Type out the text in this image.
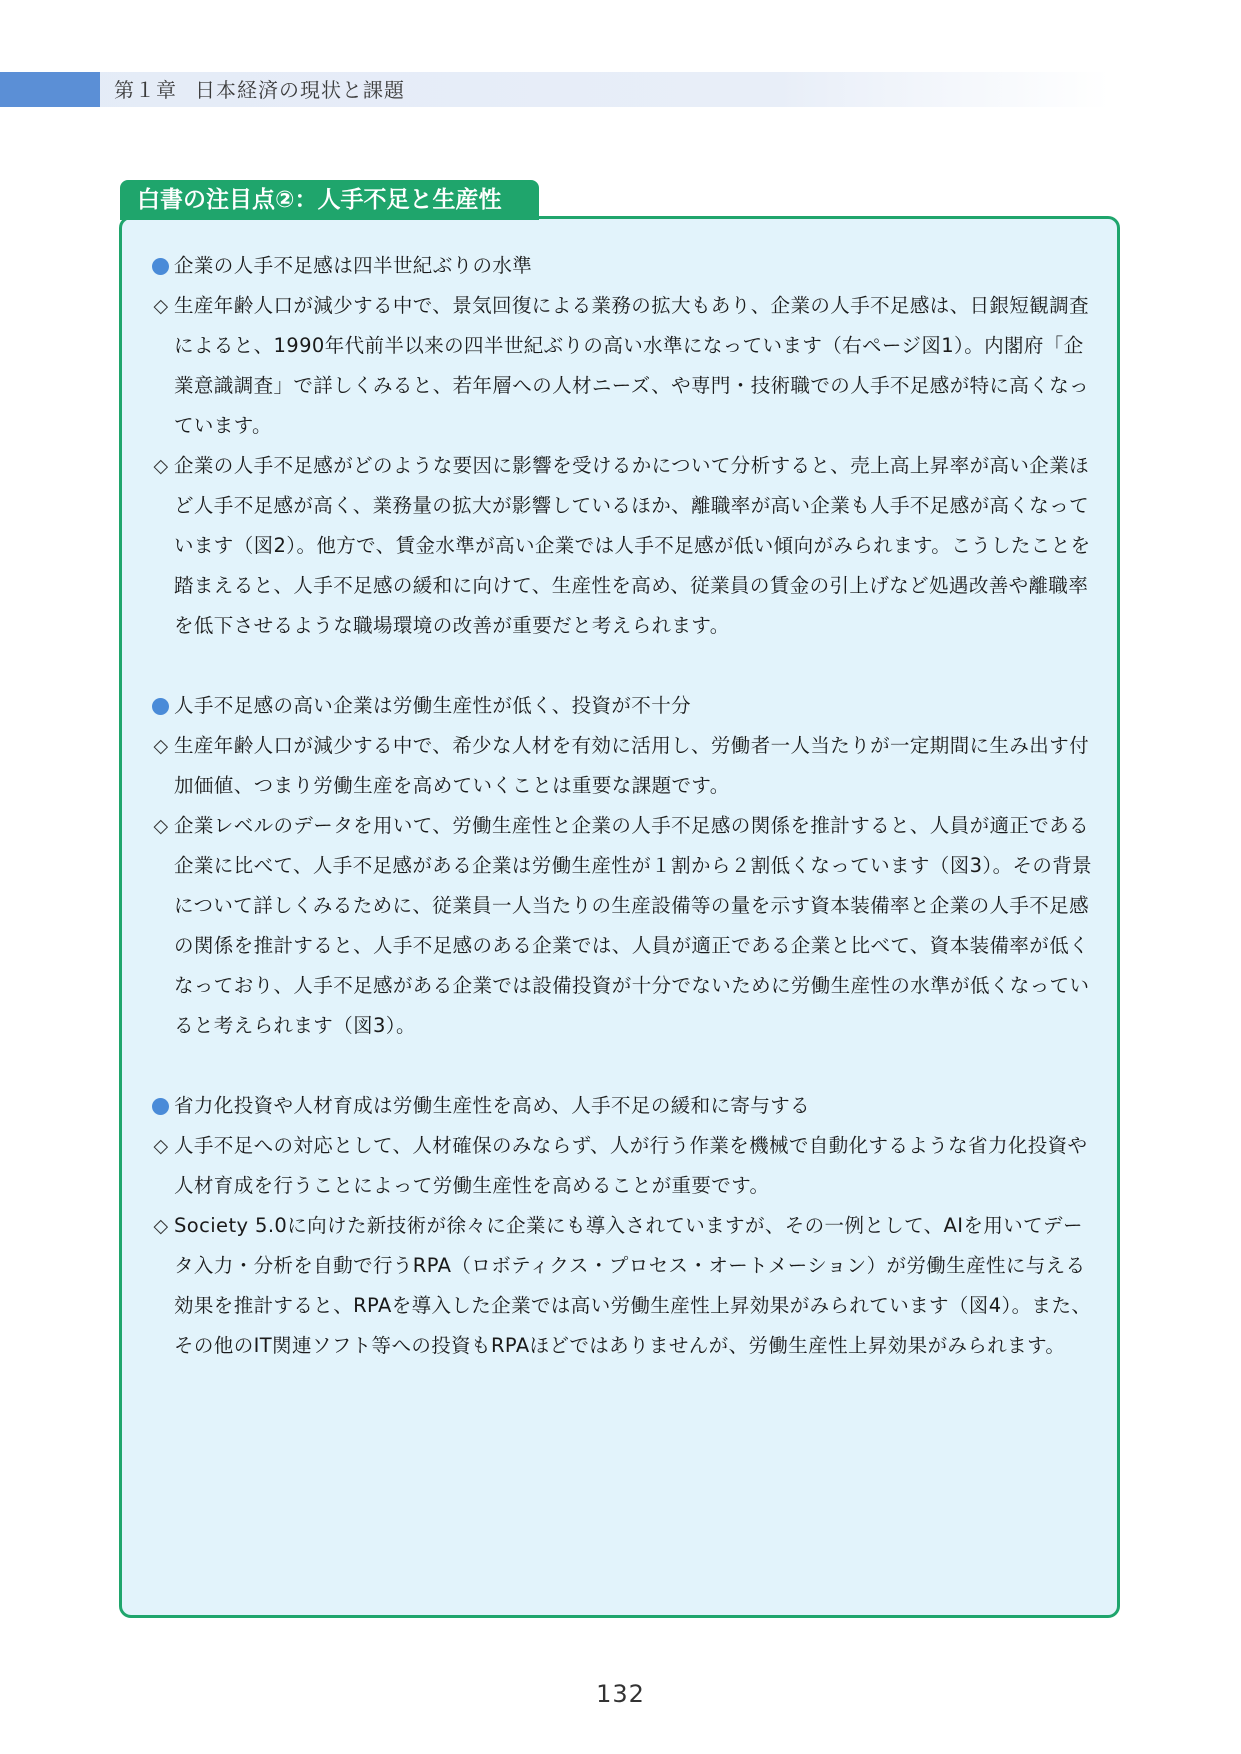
第１章 日本経済の現状と課題
白書の注目点②：人手不足と生産性
企業の人手不足感は四半世紀ぶりの水準
◇ 生産年齢人口が減少する中で、景気回復による業務の拡大もあり、企業の人手不足感は、日銀短観調査によると、1990年代前半以来の四半世紀ぶりの高い水準になっています（右ページ図1）。内閣府「企業意識調査」で詳しくみると、若年層への人材ニーズ、や専門・技術職での人手不足感が特に高くなっています。
◇ 企業の人手不足感がどのような要因に影響を受けるかについて分析すると、売上高上昇率が高い企業ほど人手不足感が高く、業務量の拡大が影響しているほか、離職率が高い企業も人手不足感が高くなっています（図2）。他方で、賃金水準が高い企業では人手不足感が低い傾向がみられます。こうしたことを踏まえると、人手不足感の緩和に向けて、生産性を高め、従業員の賃金の引上げなど処遇改善や離職率を低下させるような職場環境の改善が重要だと考えられます。
人手不足感の高い企業は労働生産性が低く、投資が不十分
◇ 生産年齢人口が減少する中で、希少な人材を有効に活用し、労働者一人当たりが一定期間に生み出す付加価値、つまり労働生産を高めていくことは重要な課題です。
◇ 企業レベルのデータを用いて、労働生産性と企業の人手不足感の関係を推計すると、人員が適正である企業に比べて、人手不足感がある企業は労働生産性が１割から２割低くなっています（図3）。その背景について詳しくみるために、従業員一人当たりの生産設備等の量を示す資本装備率と企業の人手不足感の関係を推計すると、人手不足感のある企業では、人員が適正である企業と比べて、資本装備率が低くなっており、人手不足感がある企業では設備投資が十分でないために労働生産性の水準が低くなっていると考えられます（図3）。
省力化投資や人材育成は労働生産性を高め、人手不足の緩和に寄与する
◇ 人手不足への対応として、人材確保のみならず、人が行う作業を機械で自動化するような省力化投資や人材育成を行うことによって労働生産性を高めることが重要です。
◇ Society 5.0に向けた新技術が徐々に企業にも導入されていますが、その一例として、AIを用いてデータ入力・分析を自動で行うRPA（ロボティクス・プロセス・オートメーション）が労働生産性に与える効果を推計すると、RPAを導入した企業では高い労働生産性上昇効果がみられています（図4）。また、その他のIT関連ソフト等への投資もRPAほどではありませんが、労働生産性上昇効果がみられます。
132
